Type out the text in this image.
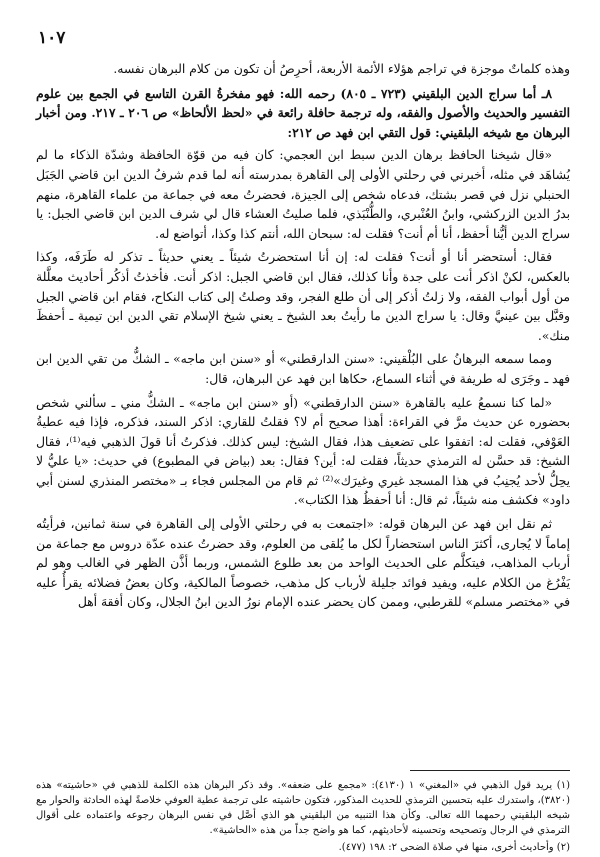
١٠٧

وهذه كلماتٌ موجزة في تراجم هؤلاء الأئمة الأربعة، أحرِصُ أن تكون من كلام البرهان نفسه.

٨ـ أما سراج الدين البلقيني (٧٢٣ ـ ٨٠٥) رحمه الله: فهو مفخرةُ القرن التاسع في الجمع بين علوم التفسير والحديث والأصول والفقه، وله ترجمة حافلة رائعة في «لحظ الألحاظ» ص ٢٠٦ ـ ٢١٧. ومن أخبار البرهان مع شيخه البلقيني: قول التقي ابن فهد ص ٢١٢:

«قال شيخنا الحافظ برهان الدين سبط ابن العجمي: كان فيه من قوّة الحافظة وشدّة الذكاء ما لم يُشاهَد في مثله، أخبرني في رحلتي الأولى إلى القاهرة بمدرسته أنه لما قدم شرفُ الدين ابن قاضي الجَبَل الحنبلي نزل في قصر بشتك، فدعاه شخص إلى الجيزة، فحضرتُ معه في جماعة من علماء القاهرة، منهم بدرُ الدين الزركشي، وابنُ العُنْبري، والطُّنْبَذي، فلما صليتُ العشاء قال لي شرف الدين ابن قاضي الجبل: يا سراج الدين أيُّنا أحفظ، أنا أم أنت؟ فقلت له: سبحان الله، أنتم كذا وكذا، أتواضع له.

فقال: أستحضر أنا أو أنت؟ فقلت له: إن أنا استحضرتُ شيئاً ـ يعني حديثاً ـ تذكر له طَرَفَه، وكذا بالعكس، لكنْ اذكر أنت على جدة وأنا كذلك، فقال ابن قاضي الجبل: اذكر أنت. فأخذتُ أذكُر أحاديث معلَّلة من أول أبواب الفقه، ولا زلتُ أذكر إلى أن طلع الفجر، وقد وصلتُ إلى كتاب النكاح، فقام ابن قاضي الجبل وقبَّل بين عينيَّ وقال: يا سراج الدين ما رأيتُ بعد الشيخ ـ يعني شيخ الإسلام تقي الدين ابن تيمية ـ أحفظَ منك».

ومما سمعه البرهانُ على البُلْقيني: «سنن الدارقطني» أو «سنن ابن ماجه» ـ الشكُّ من تقي الدين ابن فهد ـ وجَرَى له طريفة في أثناء السماع، حكاها ابن فهد عن البرهان، قال:

«لما كنا نسمعُ عليه بالقاهرة «سنن الدارقطني» (أو «سنن ابن ماجه» ـ الشكُّ مني ـ سألني شخص بحضوره عن حديث مرَّ في القراءة: أهذا صحيح أم لا؟ فقلتُ للقاري: اذكر السند، فذكره، فإذا فيه عطيةُ العَوْفي، فقلت له: اتفقوا على تضعيف هذا، فقال الشيخ: ليس كذلك. فذكرتُ أنا قولَ الذهبي فيه⁽¹⁾، فقال الشيخ: قد حسَّن له الترمذي حديثاً، فقلت له: أين؟ فقال: بعد (بياض في المطبوع) في حديث: «يا عليُّ لا يحِلُّ لأحد يُجنِبُ في هذا المسجد غيري وغيرَك»⁽²⁾ ثم قام من المجلس فجاء بـ «مختصر المنذري لسنن أبي داود» فكشف منه شيئاً، ثم قال: أنا أحفظُ هذا الكتاب».

ثم نقل ابن فهد عن البرهان قوله: «اجتمعت به في رحلتي الأولى إلى القاهرة في سنة ثمانين، فرأيتُه إماماً لا يُجارى، أكثرَ الناس استحضاراً لكل ما يُلقى من العلوم، وقد حضرتُ عنده عدّة دروس مع جماعة من أرباب المذاهب، فيتكلَّم على الحديث الواحد من بعد طلوع الشمس، وربما أذَّن الظهر في الغالب وهو لم يَفْرُغ من الكلام عليه، ويفيد فوائد جليلة لأرباب كل مذهب، خصوصاً المالكية، وكان بعضُ فضلائه يقرأُ عليه في «مختصر مسلم» للقرطبي، وممن كان يحضر عنده الإمام نورُ الدين ابنُ الجلال، وكان أفقهَ أهل

(١) يريد قول الذهبي في «المغني» ١ (٤١٣٠): «مجمع على ضعفه». وقد ذكر البرهان هذه الكلمة للذهبي في «حاشيته» هذه (٣٨٢٠)، واستدرك عليه بتحسين الترمذي للحديث المذكور، فتكون حاشيته على ترجمة عطية العوفي خلاصةً لهذه الحادثة والحوار مع شيخه البلقيني رحمهما الله تعالى. وكأن هذا التنبيه من البلقيني هو الذي أصَّل في نفس البرهان رجوعه واعتماده على أقوال الترمذي في الرجال وتصحيحه وتحسينه لأحاديثهم، كما هو واضح جداً من هذه «الحاشية».

(٢) وأحاديث أخرى، منها في صلاة الضحى ٢: ١٩٨ (٤٧٧).
